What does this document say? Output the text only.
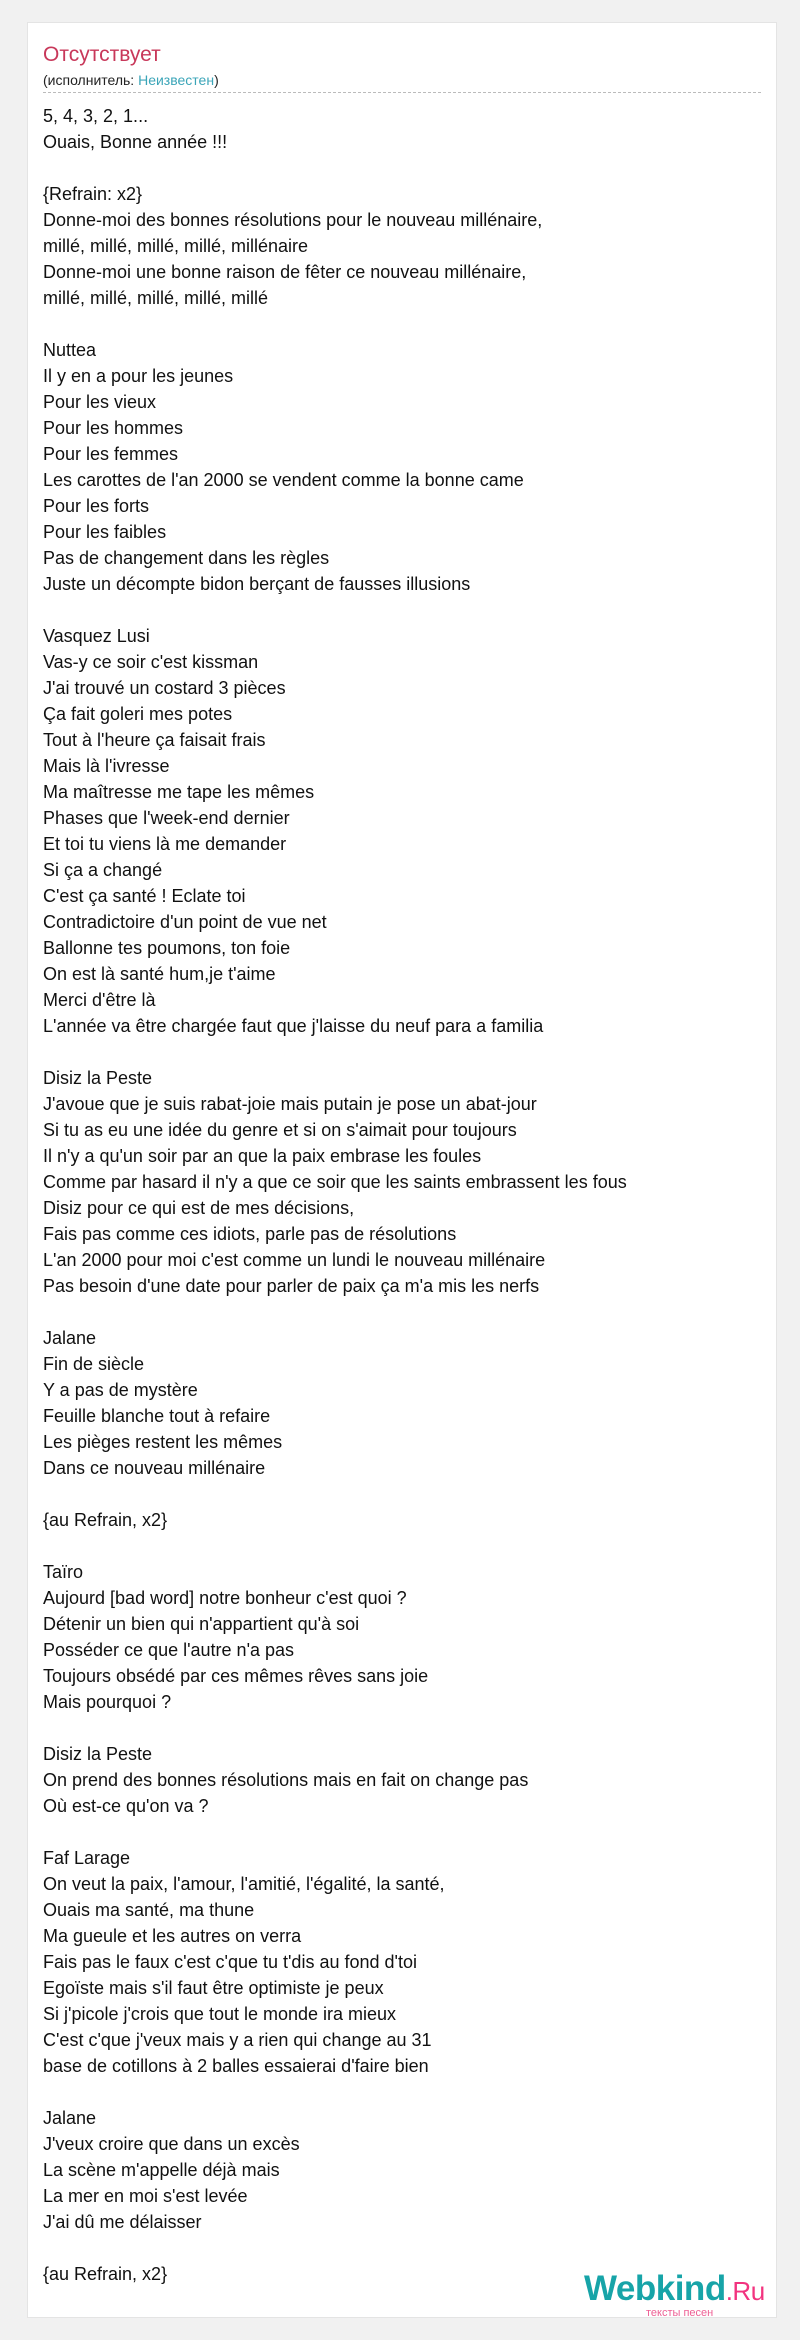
Отсутствует
(исполнитель: Неизвестен)
5, 4, 3, 2, 1...
Ouais, Bonne année !!!
{Refrain: x2}
Donne-moi des bonnes résolutions pour le nouveau millénaire,
millé, millé, millé, millé, millénaire
Donne-moi une bonne raison de fêter ce nouveau millénaire,
millé, millé, millé, millé, millé
Nuttea
Il y en a pour les jeunes
Pour les vieux
Pour les hommes
Pour les femmes
Les carottes de l'an 2000 se vendent comme la bonne came
Pour les forts
Pour les faibles
Pas de changement dans les règles
Juste un décompte bidon berçant de fausses illusions
Vasquez Lusi
Vas-y ce soir c'est kissman
J'ai trouvé un costard 3 pièces
Ça fait goleri mes potes
Tout à l'heure ça faisait frais
Mais là l'ivresse
Ma maîtresse me tape les mêmes
Phases que l'week-end dernier
Et toi tu viens là me demander
Si ça a changé
C'est ça santé ! Eclate toi
Contradictoire d'un point de vue net
Ballonne tes poumons, ton foie
On est là santé hum,je t'aime
Merci d'être là
L'année va être chargée faut que j'laisse du neuf para a familia
Disiz la Peste
J'avoue que je suis rabat-joie mais putain je pose un abat-jour
Si tu as eu une idée du genre et si on s'aimait pour toujours
Il n'y a qu'un soir par an que la paix embrase les foules
Comme par hasard il n'y a que ce soir que les saints embrassent les fous
Disiz pour ce qui est de mes décisions,
Fais pas comme ces idiots, parle pas de résolutions
L'an 2000 pour moi c'est comme un lundi le nouveau millénaire
Pas besoin d'une date pour parler de paix ça m'a mis les nerfs
Jalane
Fin de siècle
Y a pas de mystère
Feuille blanche tout à refaire
Les pièges restent les mêmes
Dans ce nouveau millénaire
{au Refrain, x2}
Taïro
Aujourd [bad word] notre bonheur c'est quoi ?
Détenir un bien qui n'appartient qu'à soi
Posséder ce que l'autre n'a pas
Toujours obsédé par ces mêmes rêves sans joie
Mais pourquoi ?
Disiz la Peste
On prend des bonnes résolutions mais en fait on change pas
Où est-ce qu'on va ?
Faf Larage
On veut la paix, l'amour, l'amitié, l'égalité, la santé,
Ouais ma santé, ma thune
Ma gueule et les autres on verra
Fais pas le faux c'est c'que tu t'dis au fond d'toi
Egoïste mais s'il faut être optimiste je peux
Si j'picole j'crois que tout le monde ira mieux
C'est c'que j'veux mais y a rien qui change au 31
base de cotillons à 2 balles essaierai d'faire bien
Jalane
J'veux croire que dans un excès
La scène m'appelle déjà mais
La mer en moi s'est levée
J'ai dû me délaisser
{au Refrain, x2}	Webkind.Ru
тексты песен
